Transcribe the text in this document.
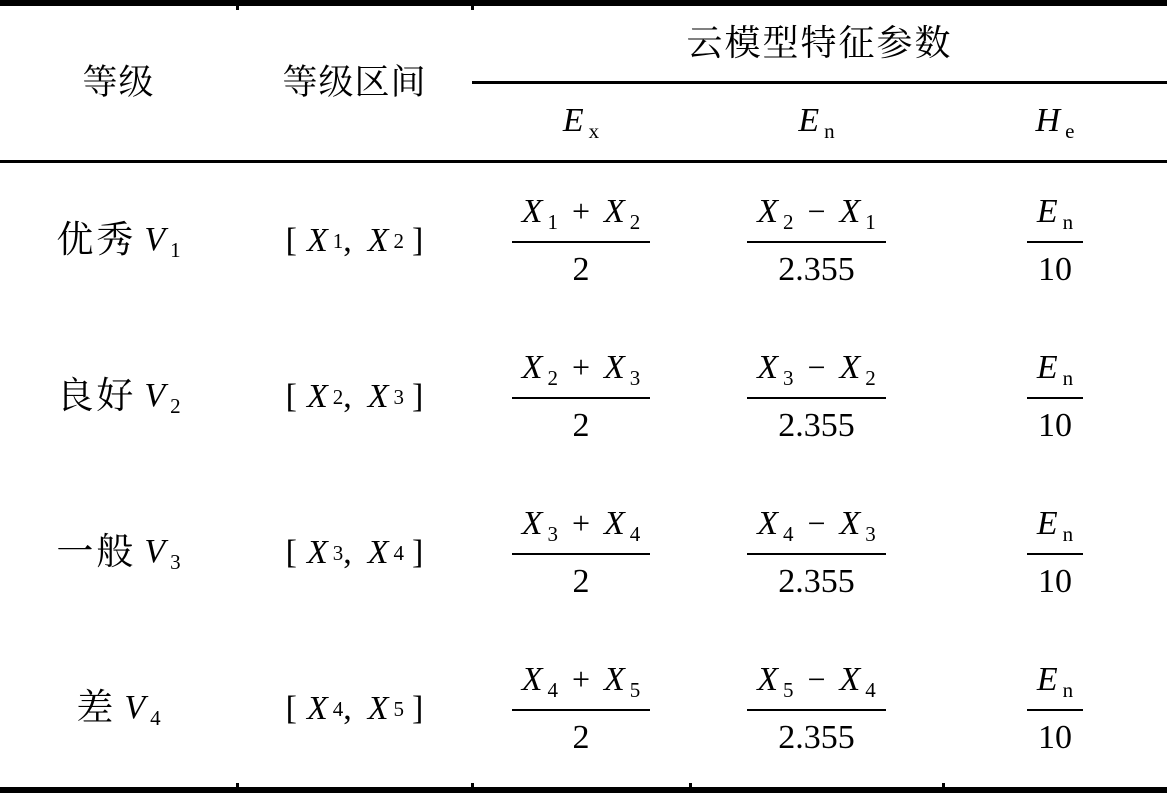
等级	等级区间
云模型特征参数
E $_x$	E $_n$	H $_e$
优秀 V $_1$	[ X 1 , X 2 ]	$\frac{X _1 + X _2}{2}$	$\frac{X _2 - X _1}{2.355}$	$\frac{E _n}{10}$
良好 V $_2$	[ X 2 , X 3 ]	$\frac{X _2 + X _3}{2}$	$\frac{X _3 - X _2}{2.355}$	$\frac{E _n}{10}$
一般 V $_3$	[ X 3 , X 4 ]	$\frac{X _3 + X _4}{2}$	$\frac{X _4 - X _3}{2.355}$	$\frac{E _n}{10}$
差 V $_4$	[ X 4 , X 5 ]	$\frac{X _4 + X _5}{2}$	$\frac{X _5 - X _4}{2.355}$	$\frac{E _n}{10}$
